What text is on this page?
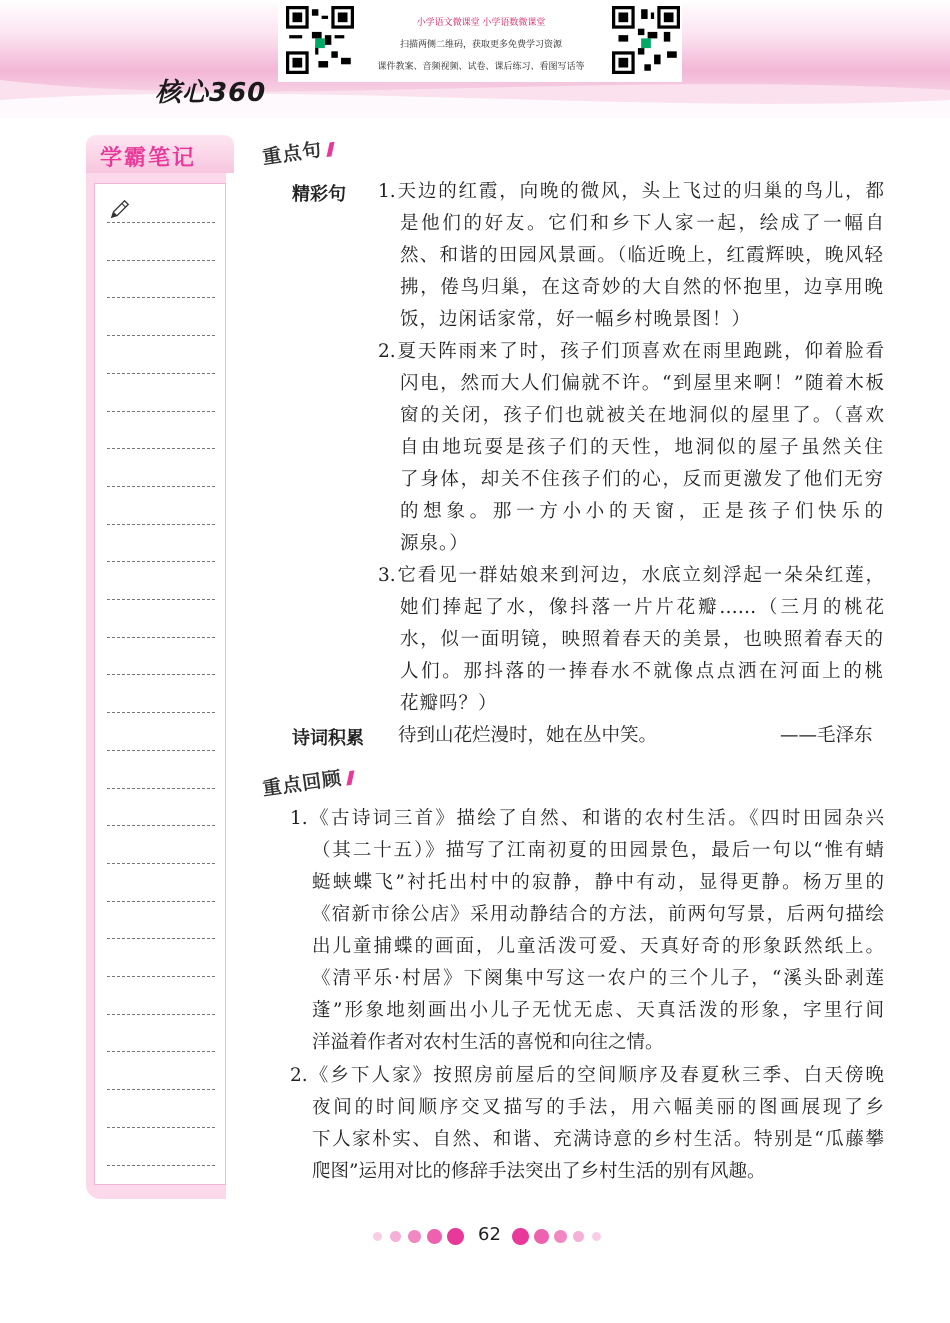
核心360
小学语文微课堂 小学语数微课堂
扫描两侧二维码，获取更多免费学习资源
课件教案、音频视频、试卷、课后练习、看图写话等
学霸笔记	重点句
精彩句 1.天边的红霞，向晚的微风，头上飞过的归巢的鸟儿，都
是他们的好友。它们和乡下人家一起，绘成了一幅自
然、和谐的田园风景画。（临近晚上，红霞辉映，晚风轻
拂，倦鸟归巢，在这奇妙的大自然的怀抱里，边享用晚
饭，边闲话家常，好一幅乡村晚景图！）
2.夏天阵雨来了时，孩子们顶喜欢在雨里跑跳，仰着脸看
闪电，然而大人们偏就不许。“到屋里来啊！”随着木板
窗的关闭，孩子们也就被关在地洞似的屋里了。（喜欢
自由地玩耍是孩子们的天性，地洞似的屋子虽然关住
了身体，却关不住孩子们的心，反而更激发了他们无穷
的想象。那一方小小的天窗，正是孩子们快乐的
源泉。）
3.它看见一群姑娘来到河边，水底立刻浮起一朵朵红莲，
她们捧起了水，像抖落一片片花瓣……（三月的桃花
水，似一面明镜，映照着春天的美景，也映照着春天的
人们。那抖落的一捧春水不就像点点洒在河面上的桃
花瓣吗？）
诗词积累 待到山花烂漫时，她在丛中笑。	——毛泽东
重点回顾
1.《古诗词三首》描绘了自然、和谐的农村生活。《四时田园杂兴
（其二十五）》描写了江南初夏的田园景色，最后一句以“惟有蜻
蜓蛱蝶飞”衬托出村中的寂静，静中有动，显得更静。杨万里的
《宿新市徐公店》采用动静结合的方法，前两句写景，后两句描绘
出儿童捕蝶的画面，儿童活泼可爱、天真好奇的形象跃然纸上。
《清平乐·村居》下阕集中写这一农户的三个儿子，“溪头卧剥莲
蓬”形象地刻画出小儿子无忧无虑、天真活泼的形象，字里行间
洋溢着作者对农村生活的喜悦和向往之情。
2.《乡下人家》按照房前屋后的空间顺序及春夏秋三季、白天傍晚
夜间的时间顺序交叉描写的手法，用六幅美丽的图画展现了乡
下人家朴实、自然、和谐、充满诗意的乡村生活。特别是“瓜藤攀
爬图”运用对比的修辞手法突出了乡村生活的别有风趣。
62
